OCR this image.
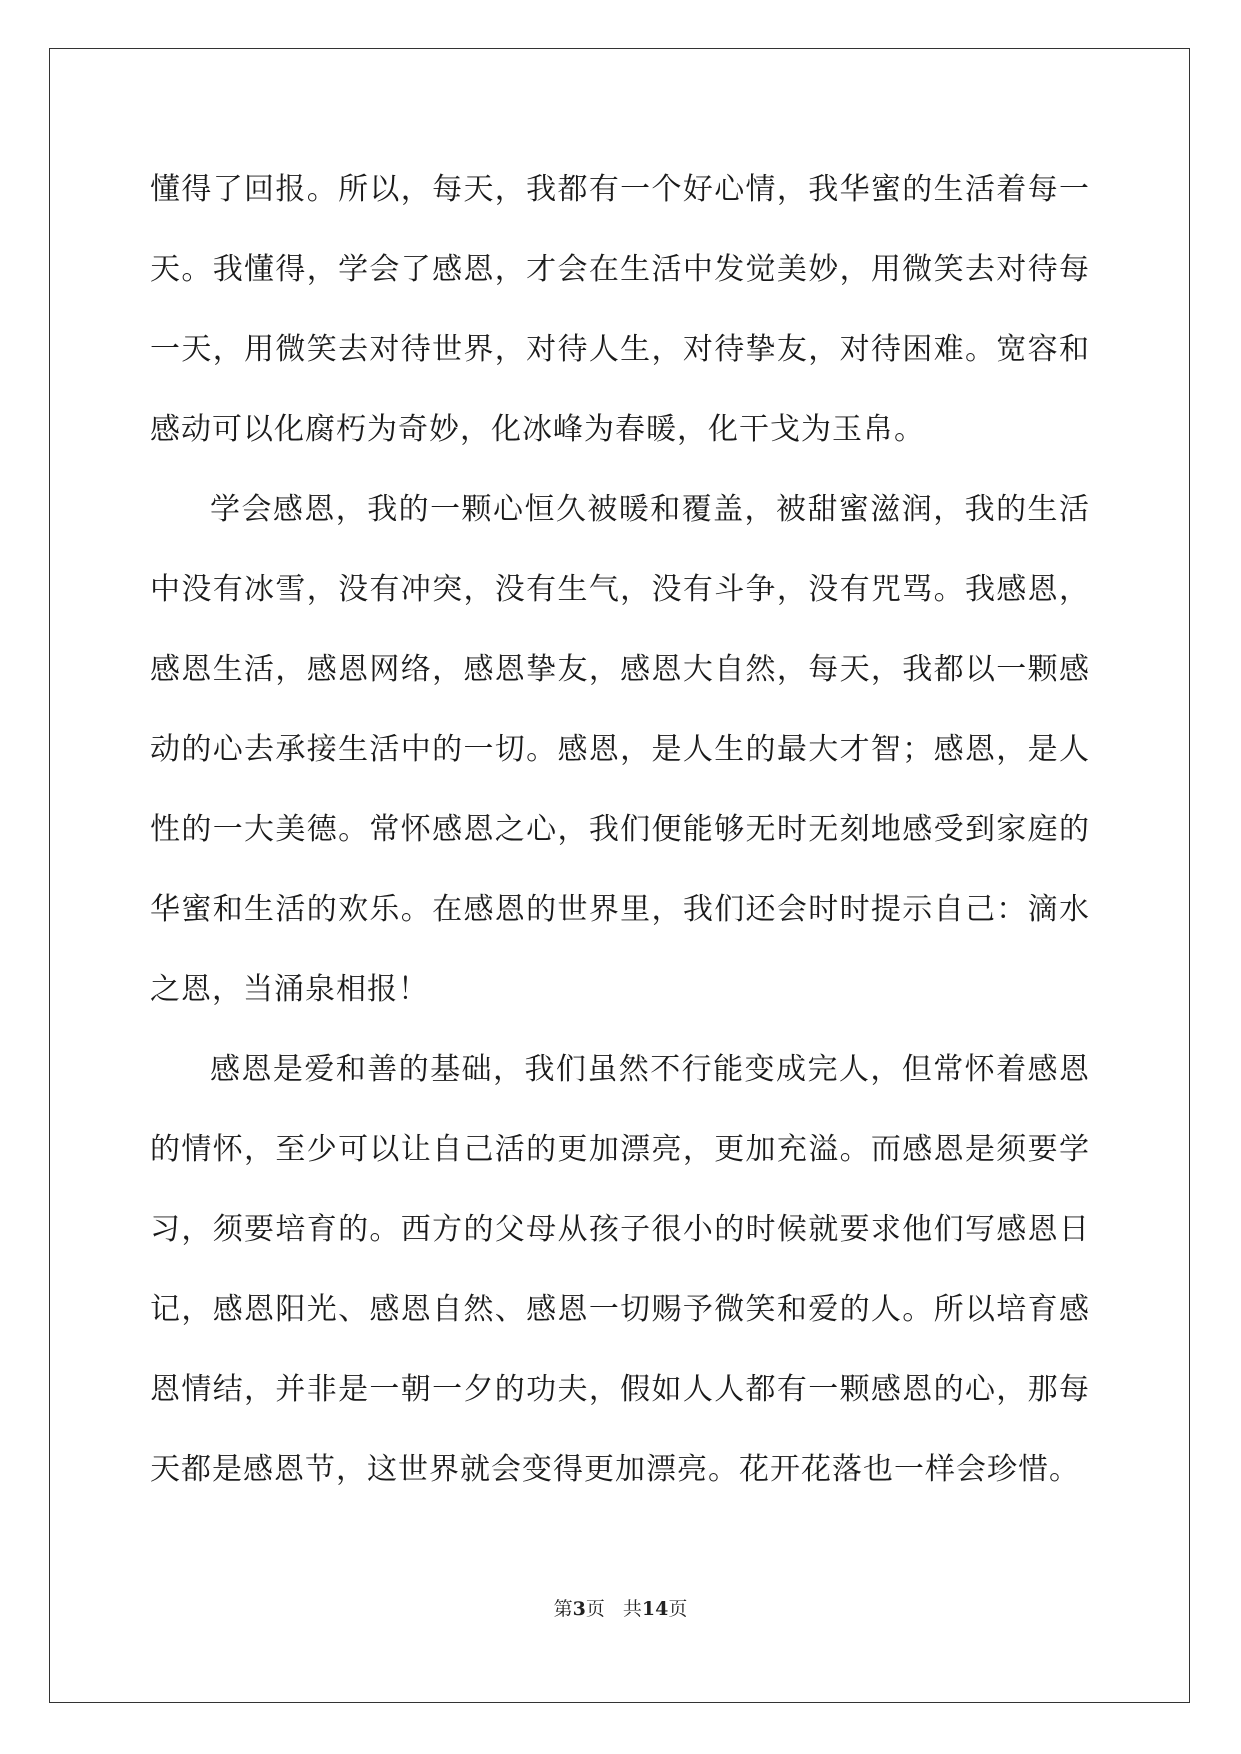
懂得了回报。所以，每天，我都有一个好心情，我华蜜的生活着每一天。我懂得，学会了感恩，才会在生活中发觉美妙，用微笑去对待每一天，用微笑去对待世界，对待人生，对待挚友，对待困难。宽容和感动可以化腐朽为奇妙，化冰峰为春暖，化干戈为玉帛。

学会感恩，我的一颗心恒久被暖和覆盖，被甜蜜滋润，我的生活中没有冰雪，没有冲突，没有生气，没有斗争，没有咒骂。我感恩，感恩生活，感恩网络，感恩挚友，感恩大自然，每天，我都以一颗感动的心去承接生活中的一切。感恩，是人生的最大才智；感恩，是人性的一大美德。常怀感恩之心，我们便能够无时无刻地感受到家庭的华蜜和生活的欢乐。在感恩的世界里，我们还会时时提示自己：滴水之恩，当涌泉相报！

感恩是爱和善的基础，我们虽然不行能变成完人，但常怀着感恩的情怀，至少可以让自己活的更加漂亮，更加充溢。而感恩是须要学习，须要培育的。西方的父母从孩子很小的时候就要求他们写感恩日记，感恩阳光、感恩自然、感恩一切赐予微笑和爱的人。所以培育感恩情结，并非是一朝一夕的功夫，假如人人都有一颗感恩的心，那每天都是感恩节，这世界就会变得更加漂亮。花开花落也一样会珍惜。

第3页 共14页
